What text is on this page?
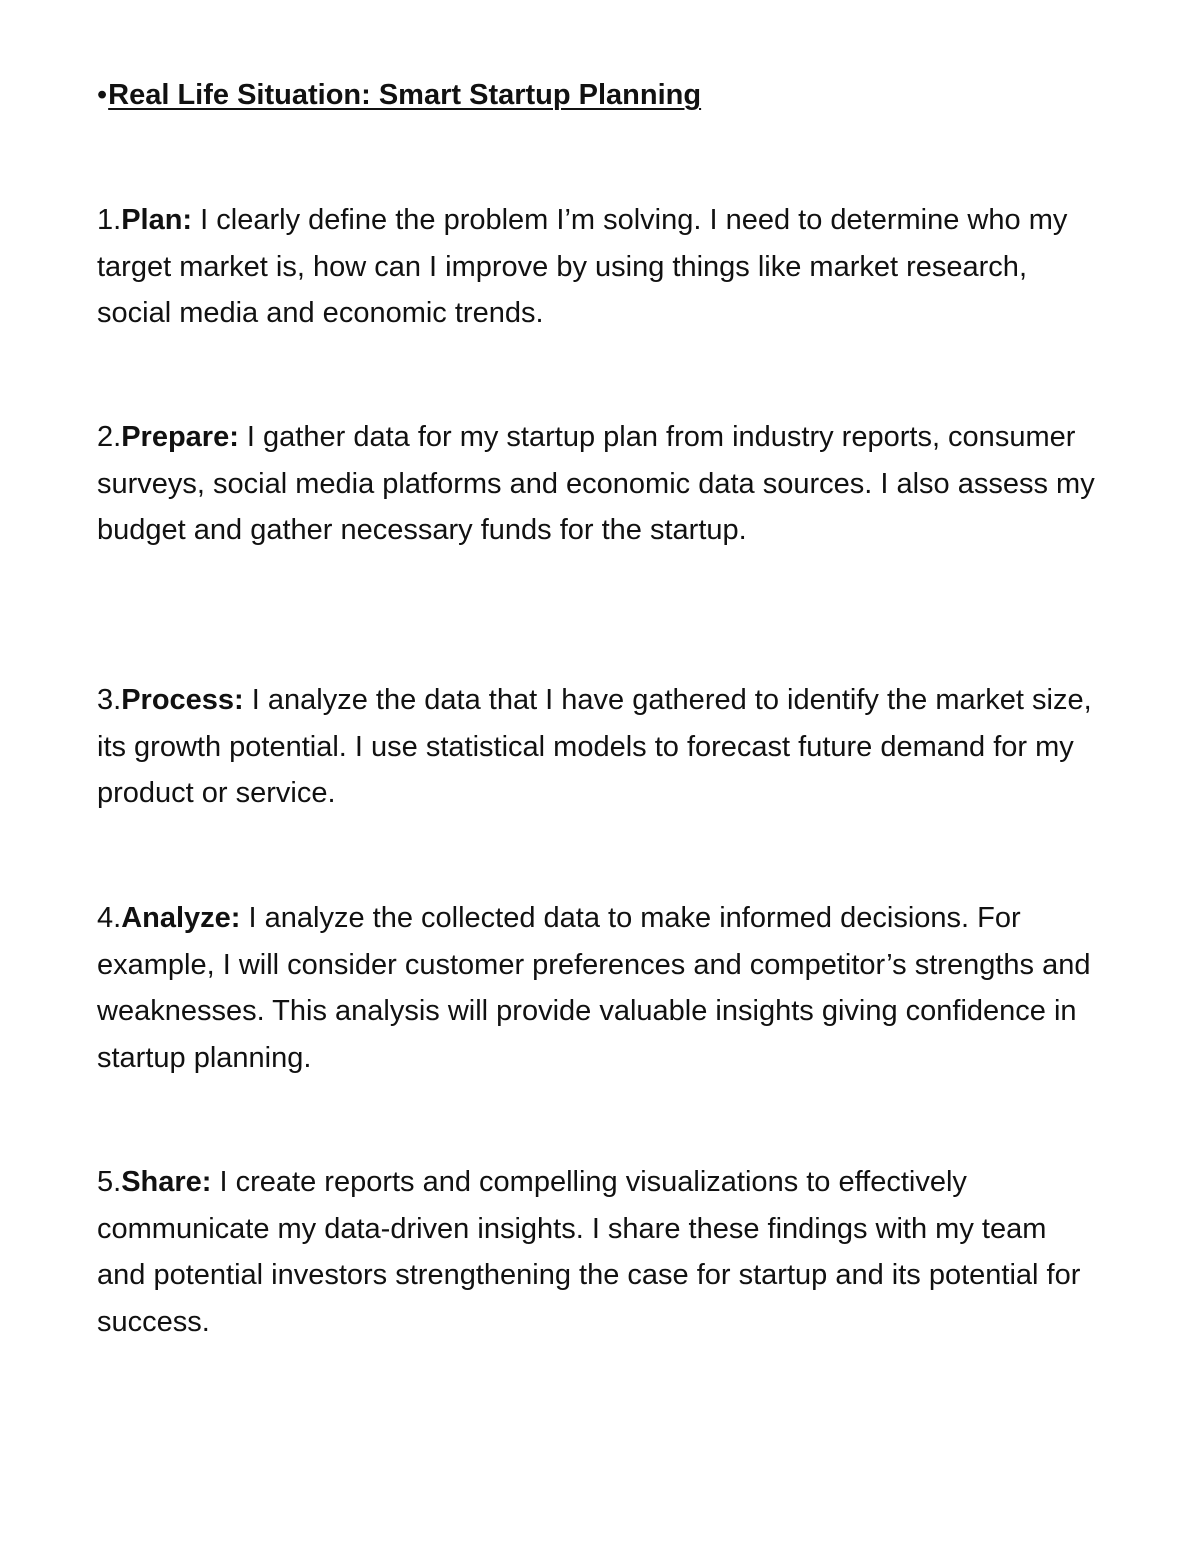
•Real Life Situation: Smart Startup Planning

1.Plan: I clearly define the problem I’m solving. I need to determine who my target market is, how can I improve by using things like market research, social media and economic trends.

2.Prepare: I gather data for my startup plan from industry reports, consumer surveys, social media platforms and economic data sources. I also assess my budget and gather necessary funds for the startup.

3.Process: I analyze the data that I have gathered to identify the market size, its growth potential. I use statistical models to forecast future demand for my product or service.

4.Analyze: I analyze the collected data to make informed decisions. For example, I will consider customer preferences and competitor’s strengths and weaknesses. This analysis will provide valuable insights giving confidence in startup planning.

5.Share: I create reports and compelling visualizations to effectively communicate my data-driven insights. I share these findings with my team and potential investors strengthening the case for startup and its potential for success.
